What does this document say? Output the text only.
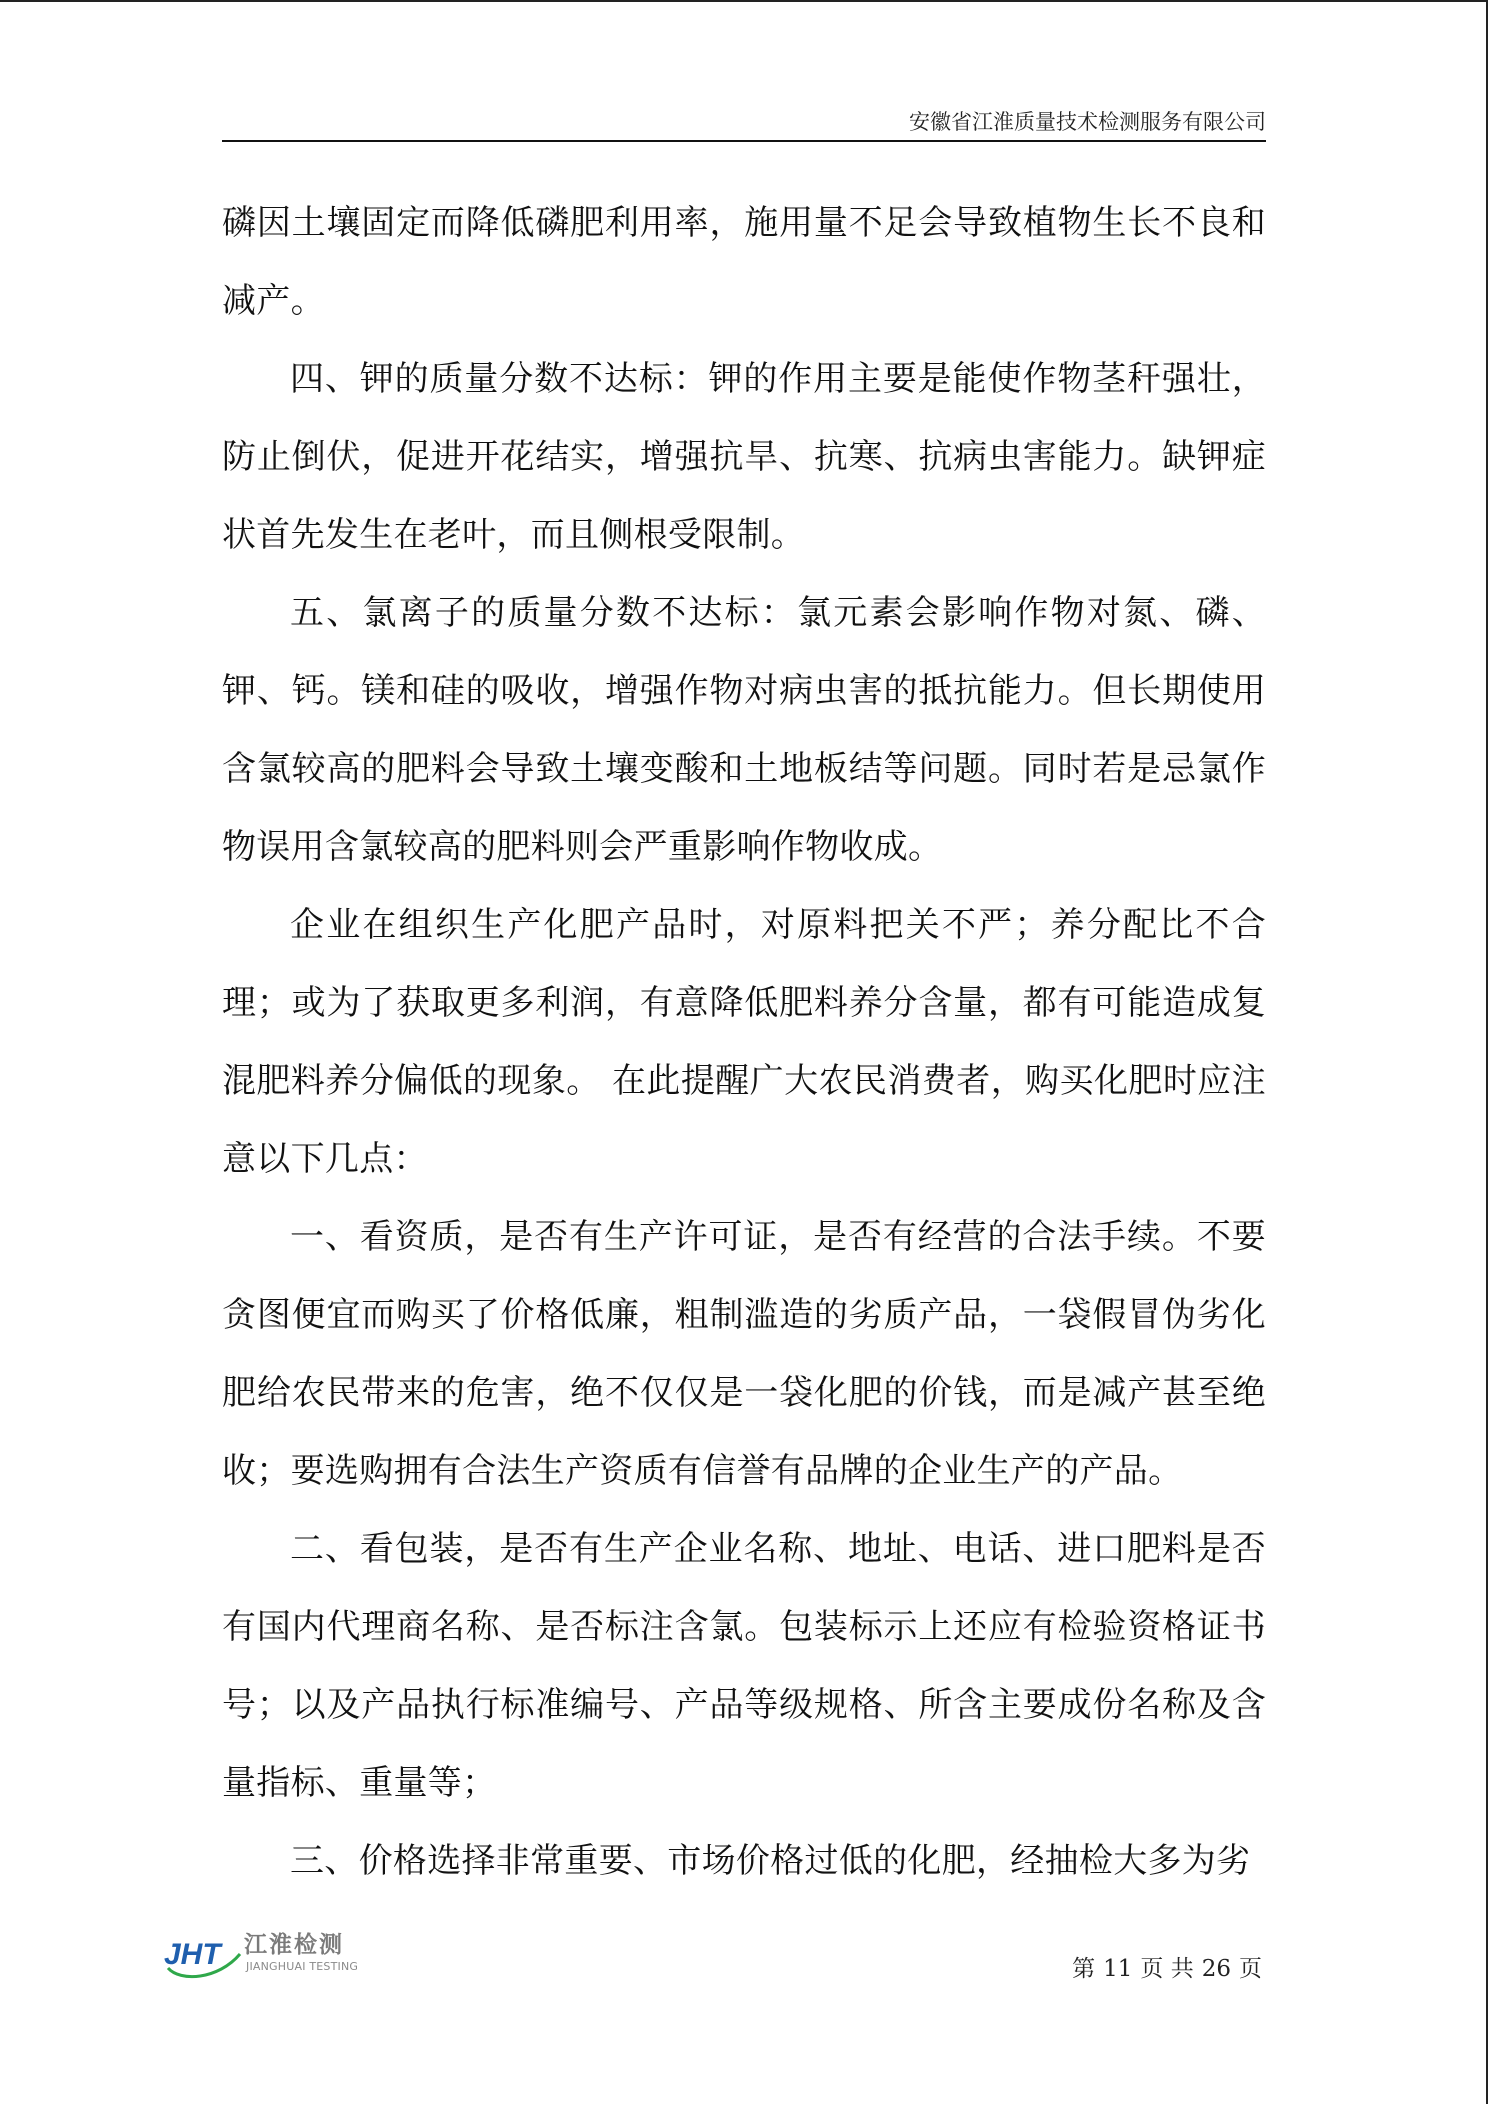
安徽省江淮质量技术检测服务有限公司

磷因土壤固定而降低磷肥利用率，施用量不足会导致植物生长不良和减产。

四、钾的质量分数不达标：钾的作用主要是能使作物茎秆强壮，防止倒伏，促进开花结实，增强抗旱、抗寒、抗病虫害能力。缺钾症状首先发生在老叶，而且侧根受限制。

五、氯离子的质量分数不达标：氯元素会影响作物对氮、磷、钾、钙。镁和硅的吸收，增强作物对病虫害的抵抗能力。但长期使用含氯较高的肥料会导致土壤变酸和土地板结等问题。同时若是忌氯作物误用含氯较高的肥料则会严重影响作物收成。

企业在组织生产化肥产品时，对原料把关不严；养分配比不合理；或为了获取更多利润，有意降低肥料养分含量，都有可能造成复混肥料养分偏低的现象。 在此提醒广大农民消费者，购买化肥时应注意以下几点：

一、看资质，是否有生产许可证，是否有经营的合法手续。不要贪图便宜而购买了价格低廉，粗制滥造的劣质产品，一袋假冒伪劣化肥给农民带来的危害，绝不仅仅是一袋化肥的价钱，而是减产甚至绝收；要选购拥有合法生产资质有信誉有品牌的企业生产的产品。

二、看包装，是否有生产企业名称、地址、电话、进口肥料是否有国内代理商名称、是否标注含氯。包装标示上还应有检验资格证书号；以及产品执行标准编号、产品等级规格、所含主要成份名称及含量指标、重量等；

三、价格选择非常重要、市场价格过低的化肥，经抽检大多为劣

JHT 江淮检测
JIANGHUAI TESTING	第 11 页 共 26 页
